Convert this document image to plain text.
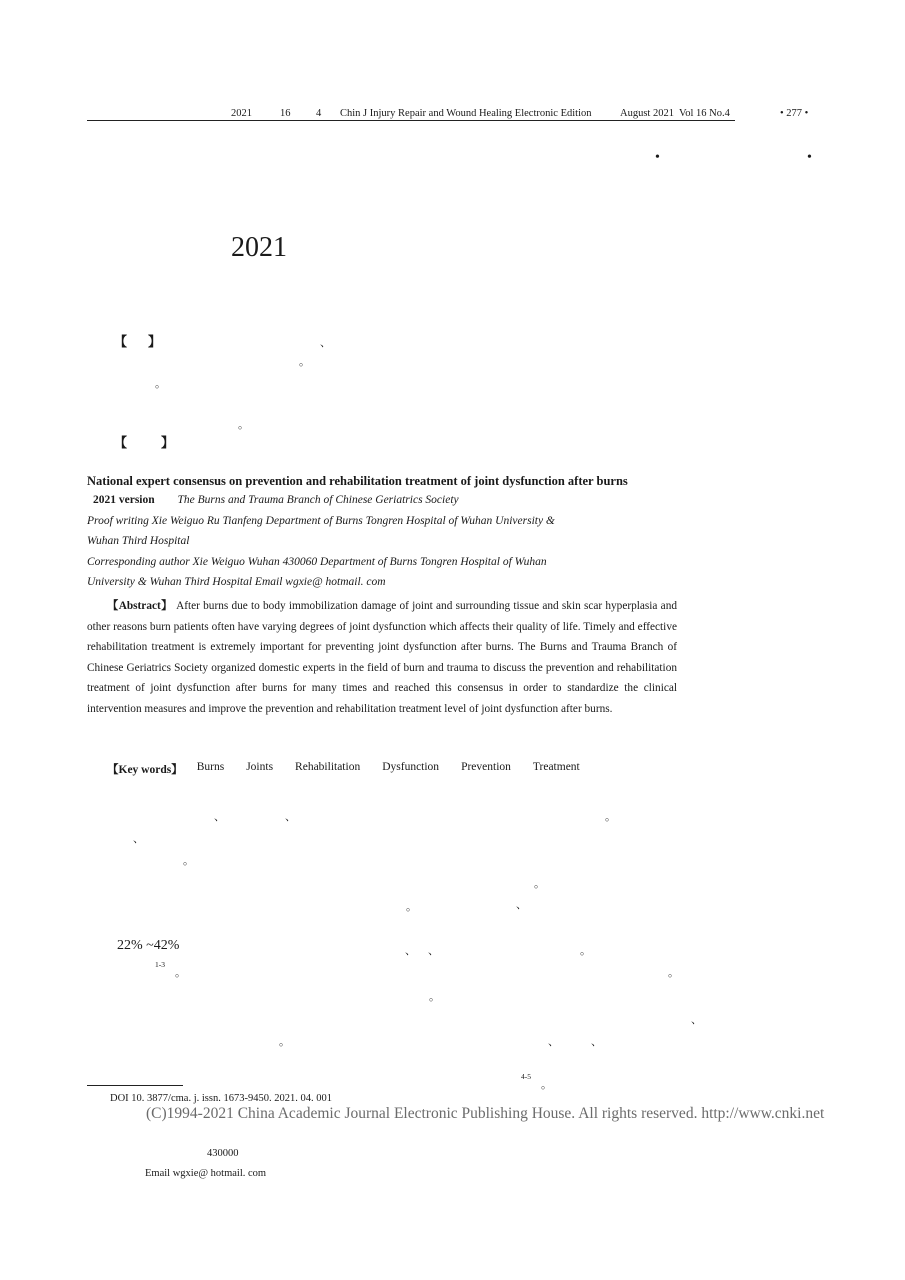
2021	16 4 Chin J Injury Repair and Wound Healing Electronic Edition	August 2021 Vol 16 No.4	• 277 •
•	•
2021
【 】	、
。
。
。
【	】
National expert consensus on prevention and rehabilitation treatment of joint dysfunction after burns
2021 version The Burns and Trauma Branch of Chinese Geriatrics Society
Proof writing Xie Weiguo Ru Tianfeng Department of Burns Tongren Hospital of Wuhan University &
Wuhan Third Hospital
Corresponding author Xie Weiguo Wuhan 430060 Department of Burns Tongren Hospital of Wuhan
University & Wuhan Third Hospital Email wgxie@ hotmail. com
【Abstract】 After burns due to body immobilization damage of joint and surrounding tissue and skin scar hyperplasia and other reasons burn patients often have varying degrees of joint dysfunction which affects their quality of life. Timely and effective rehabilitation treatment is extremely important for preventing joint dysfunction after burns. The Burns and Trauma Branch of Chinese Geriatrics Society organized domestic experts in the field of burn and trauma to discuss the prevention and rehabilitation treatment of joint dysfunction after burns for many times and reached this consensus in order to standardize the clinical intervention measures and improve the prevention and rehabilitation treatment level of joint dysfunction after burns.
【Key words】 Burns Joints Rehabilitation Dysfunction Prevention Treatment
、	、	。
、
。
。
。	、
22% ~42%	、 、	。
1-3
。	。
。
、
。	、	、
4-5
。
DOI 10. 3877/cma. j. issn. 1673-9450. 2021. 04. 001
(C)1994-2021 China Academic Journal Electronic Publishing House. All rights reserved. http://www.cnki.net
430000
Email wgxie@ hotmail. com
